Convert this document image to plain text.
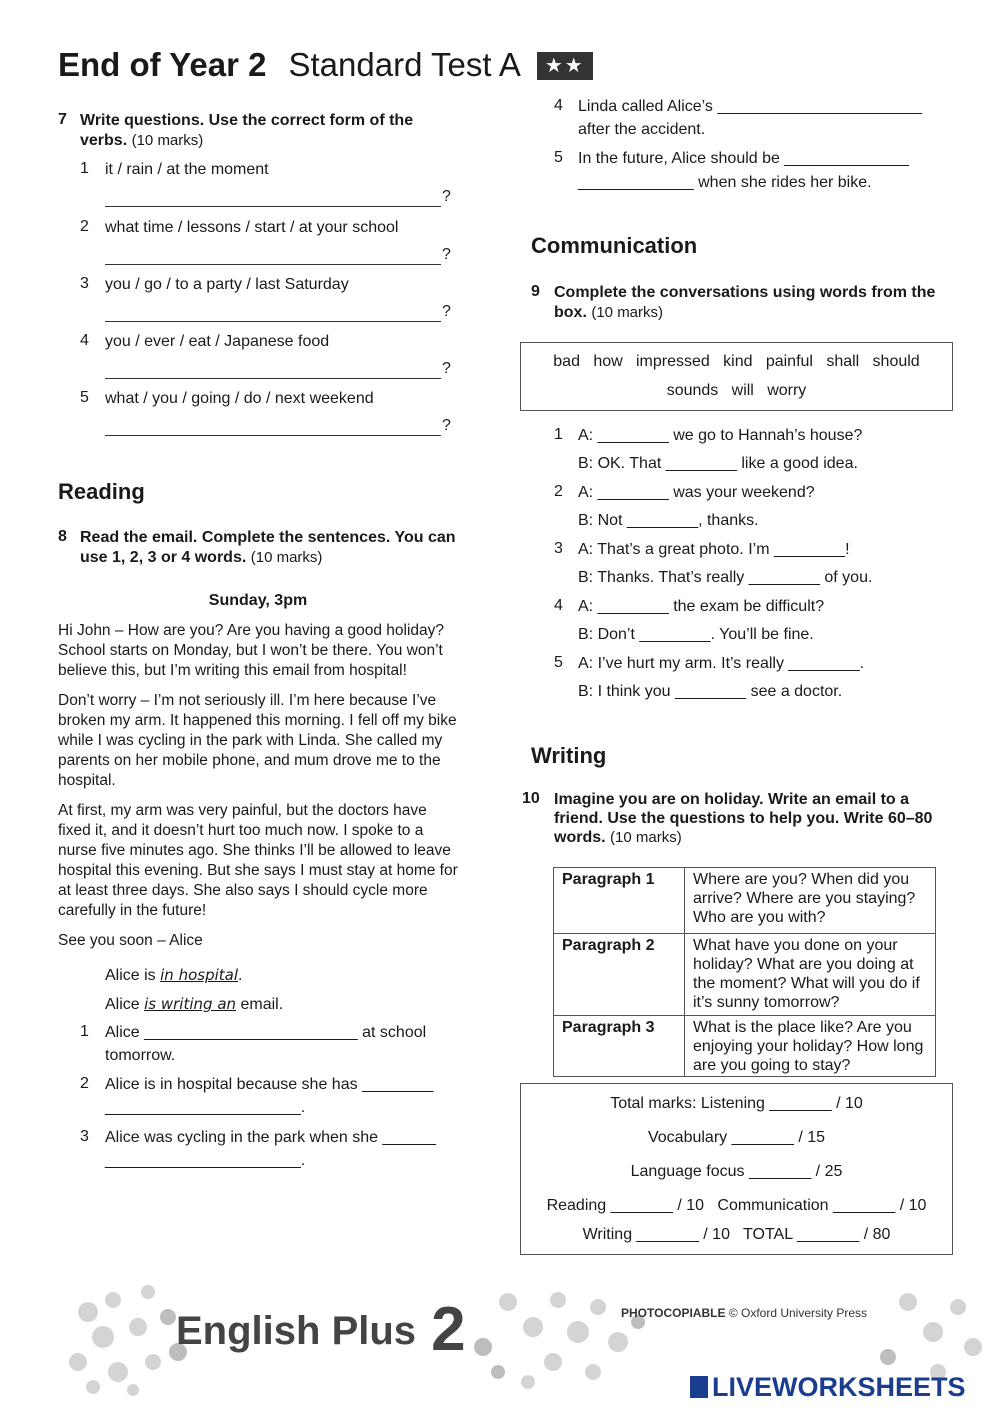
End of Year 2 Standard Test A ★★
7 Write questions. Use the correct form of the verbs. (10 marks)
1 it / rain / at the moment
?
2 what time / lessons / start / at your school
?
3 you / go / to a party / last Saturday
?
4 you / ever / eat / Japanese food
?
5 what / you / going / do / next weekend
?
Reading
8 Read the email. Complete the sentences. You can use 1, 2, 3 or 4 words. (10 marks)
Sunday, 3pm

Hi John – How are you? Are you having a good holiday? School starts on Monday, but I won’t be there. You won’t believe this, but I’m writing this email from hospital!

Don’t worry – I’m not seriously ill. I’m here because I’ve broken my arm. It happened this morning. I fell off my bike while I was cycling in the park with Linda. She called my parents on her mobile phone, and mum drove me to the hospital.

At first, my arm was very painful, but the doctors have fixed it, and it doesn’t hurt too much now. I spoke to a nurse five minutes ago. She thinks I’ll be allowed to leave hospital this evening. But she says I must stay at home for at least three days. She also says I should cycle more carefully in the future!

See you soon – Alice

Alice is in hospital.
Alice is writing an email.
1 Alice ________________________ at school
tomorrow.
2 Alice is in hospital because she has ________
______________________.
3 Alice was cycling in the park when she ______
______________________.
4 Linda called Alice’s _______________________
after the accident.
5 In the future, Alice should be ______________
_____________ when she rides her bike.
Communication
9 Complete the conversations using words from the box. (10 marks)
bad   how   impressed   kind   painful   shall   should
sounds   will   worry
1 A: ________ we go to Hannah’s house?
B: OK. That ________ like a good idea.
2 A: ________ was your weekend?
B: Not ________, thanks.
3 A: That’s a great photo. I’m ________!
B: Thanks. That’s really ________ of you.
4 A: ________ the exam be difficult?
B: Don’t ________. You’ll be fine.
5 A: I’ve hurt my arm. It’s really ________.
B: I think you ________ see a doctor.
Writing
10 Imagine you are on holiday. Write an email to a friend. Use the questions to help you. Write 60–80 words. (10 marks)
Paragraph 1	Where are you? When did you arrive? Where are you staying? Who are you with?
Paragraph 2	What have you done on your holiday? What are you doing at the moment? What will you do if it’s sunny tomorrow?
Paragraph 3	What is the place like? Are you enjoying your holiday? How long are you going to stay?
Total marks: Listening _______ / 10
Vocabulary _______ / 15
Language focus _______ / 25
Reading _______ / 10   Communication _______ / 10
Writing _______ / 10   TOTAL _______ / 80
English Plus 2	PHOTOCOPIABLE © Oxford University Press
LIVEWORKSHEETS
